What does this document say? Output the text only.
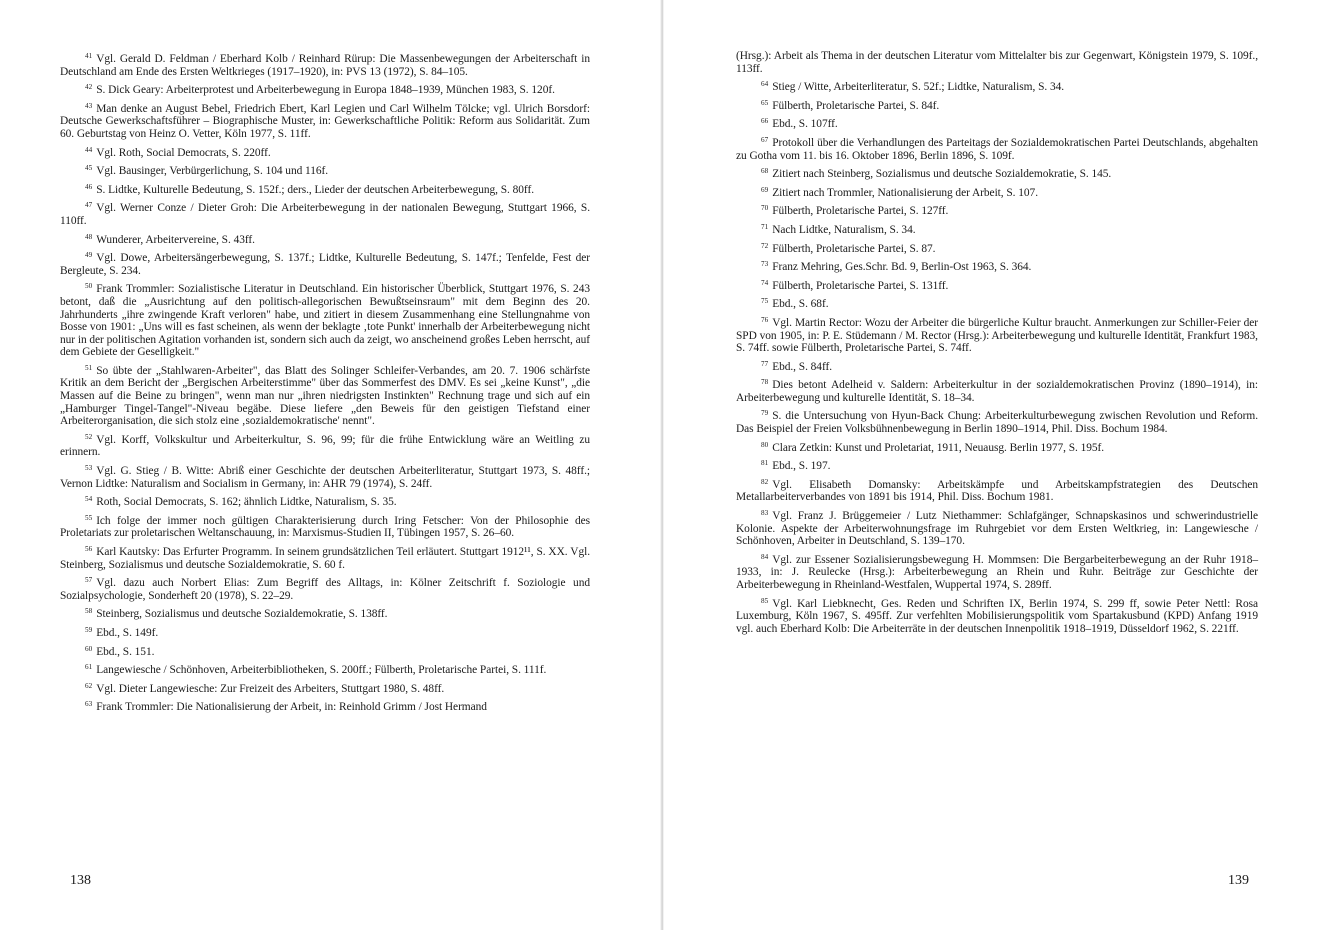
$^{41}$ Vgl. Gerald D. Feldman / Eberhard Kolb / Reinhard Rürup: Die Massenbewegungen der Arbeiterschaft in Deutschland am Ende des Ersten Weltkrieges (1917–1920), in: PVS 13 (1972), S. 84–105.
$^{42}$ S. Dick Geary: Arbeiterprotest und Arbeiterbewegung in Europa 1848–1939, München 1983, S. 120f.
$^{43}$ Man denke an August Bebel, Friedrich Ebert, Karl Legien und Carl Wilhelm Tölcke; vgl. Ulrich Borsdorf: Deutsche Gewerkschaftsführer – Biographische Muster, in: Gewerkschaftliche Politik: Reform aus Solidarität. Zum 60. Geburtstag von Heinz O. Vetter, Köln 1977, S. 11ff.
$^{44}$ Vgl. Roth, Social Democrats, S. 220ff.
$^{45}$ Vgl. Bausinger, Verbürgerlichung, S. 104 und 116f.
$^{46}$ S. Lidtke, Kulturelle Bedeutung, S. 152f.; ders., Lieder der deutschen Arbeiterbewegung, S. 80ff.
$^{47}$ Vgl. Werner Conze / Dieter Groh: Die Arbeiterbewegung in der nationalen Bewegung, Stuttgart 1966, S. 110ff.
$^{48}$ Wunderer, Arbeitervereine, S. 43ff.
$^{49}$ Vgl. Dowe, Arbeitersängerbewegung, S. 137f.; Lidtke, Kulturelle Bedeutung, S. 147f.; Tenfelde, Fest der Bergleute, S. 234.
$^{50}$ Frank Trommler: Sozialistische Literatur in Deutschland. Ein historischer Überblick, Stuttgart 1976, S. 243 betont, daß die „Ausrichtung auf den politisch-allegorischen Bewußtseinsraum" mit dem Beginn des 20. Jahrhunderts „ihre zwingende Kraft verloren" habe, und zitiert in diesem Zusammenhang eine Stellungnahme von Bosse von 1901: „Uns will es fast scheinen, als wenn der beklagte ‚tote Punkt' innerhalb der Arbeiterbewegung nicht nur in der politischen Agitation vorhanden ist, sondern sich auch da zeigt, wo anscheinend großes Leben herrscht, auf dem Gebiete der Geselligkeit."
$^{51}$ So übte der „Stahlwaren-Arbeiter", das Blatt des Solinger Schleifer-Verbandes, am 20. 7. 1906 schärfste Kritik an dem Bericht der „Bergischen Arbeiterstimme" über das Sommerfest des DMV. Es sei „keine Kunst", „die Massen auf die Beine zu bringen", wenn man nur „ihren niedrigsten Instinkten" Rechnung trage und sich auf ein „Hamburger Tingel-Tangel"-Niveau begäbe. Diese liefere „den Beweis für den geistigen Tiefstand einer Arbeiterorganisation, die sich stolz eine ‚sozialdemokratische' nennt".
$^{52}$ Vgl. Korff, Volkskultur und Arbeiterkultur, S. 96, 99; für die frühe Entwicklung wäre an Weitling zu erinnern.
$^{53}$ Vgl. G. Stieg / B. Witte: Abriß einer Geschichte der deutschen Arbeiterliteratur, Stuttgart 1973, S. 48ff.; Vernon Lidtke: Naturalism and Socialism in Germany, in: AHR 79 (1974), S. 24ff.
$^{54}$ Roth, Social Democrats, S. 162; ähnlich Lidtke, Naturalism, S. 35.
$^{55}$ Ich folge der immer noch gültigen Charakterisierung durch Iring Fetscher: Von der Philosophie des Proletariats zur proletarischen Weltanschauung, in: Marxismus-Studien II, Tübingen 1957, S. 26–60.
$^{56}$ Karl Kautsky: Das Erfurter Programm. In seinem grundsätzlichen Teil erläutert. Stuttgart 1912¹¹, S. XX. Vgl. Steinberg, Sozialismus und deutsche Sozialdemokratie, S. 60 f.
$^{57}$ Vgl. dazu auch Norbert Elias: Zum Begriff des Alltags, in: Kölner Zeitschrift f. Soziologie und Sozialpsychologie, Sonderheft 20 (1978), S. 22–29.
$^{58}$ Steinberg, Sozialismus und deutsche Sozialdemokratie, S. 138ff.
$^{59}$ Ebd., S. 149f.
$^{60}$ Ebd., S. 151.
$^{61}$ Langewiesche / Schönhoven, Arbeiterbibliotheken, S. 200ff.; Fülberth, Proletarische Partei, S. 111f.
$^{62}$ Vgl. Dieter Langewiesche: Zur Freizeit des Arbeiters, Stuttgart 1980, S. 48ff.
$^{63}$ Frank Trommler: Die Nationalisierung der Arbeit, in: Reinhold Grimm / Jost Hermand
138
(Hrsg.): Arbeit als Thema in der deutschen Literatur vom Mittelalter bis zur Gegenwart, Königstein 1979, S. 109f., 113ff.
$^{64}$ Stieg / Witte, Arbeiterliteratur, S. 52f.; Lidtke, Naturalism, S. 34.
$^{65}$ Fülberth, Proletarische Partei, S. 84f.
$^{66}$ Ebd., S. 107ff.
$^{67}$ Protokoll über die Verhandlungen des Parteitags der Sozialdemokratischen Partei Deutschlands, abgehalten zu Gotha vom 11. bis 16. Oktober 1896, Berlin 1896, S. 109f.
$^{68}$ Zitiert nach Steinberg, Sozialismus und deutsche Sozialdemokratie, S. 145.
$^{69}$ Zitiert nach Trommler, Nationalisierung der Arbeit, S. 107.
$^{70}$ Fülberth, Proletarische Partei, S. 127ff.
$^{71}$ Nach Lidtke, Naturalism, S. 34.
$^{72}$ Fülberth, Proletarische Partei, S. 87.
$^{73}$ Franz Mehring, Ges.Schr. Bd. 9, Berlin-Ost 1963, S. 364.
$^{74}$ Fülberth, Proletarische Partei, S. 131ff.
$^{75}$ Ebd., S. 68f.
$^{76}$ Vgl. Martin Rector: Wozu der Arbeiter die bürgerliche Kultur braucht. Anmerkungen zur Schiller-Feier der SPD von 1905, in: P. E. Stüdemann / M. Rector (Hrsg.): Arbeiterbewegung und kulturelle Identität, Frankfurt 1983, S. 74ff. sowie Fülberth, Proletarische Partei, S. 74ff.
$^{77}$ Ebd., S. 84ff.
$^{78}$ Dies betont Adelheid v. Saldern: Arbeiterkultur in der sozialdemokratischen Provinz (1890–1914), in: Arbeiterbewegung und kulturelle Identität, S. 18–34.
$^{79}$ S. die Untersuchung von Hyun-Back Chung: Arbeiterkulturbewegung zwischen Revolution und Reform. Das Beispiel der Freien Volksbühnenbewegung in Berlin 1890–1914, Phil. Diss. Bochum 1984.
$^{80}$ Clara Zetkin: Kunst und Proletariat, 1911, Neuausg. Berlin 1977, S. 195f.
$^{81}$ Ebd., S. 197.
$^{82}$ Vgl. Elisabeth Domansky: Arbeitskämpfe und Arbeitskampfstrategien des Deutschen Metallarbeiterverbandes von 1891 bis 1914, Phil. Diss. Bochum 1981.
$^{83}$ Vgl. Franz J. Brüggemeier / Lutz Niethammer: Schlafgänger, Schnapskasinos und schwerindustrielle Kolonie. Aspekte der Arbeiterwohnungsfrage im Ruhrgebiet vor dem Ersten Weltkrieg, in: Langewiesche / Schönhoven, Arbeiter in Deutschland, S. 139–170.
$^{84}$ Vgl. zur Essener Sozialisierungsbewegung H. Mommsen: Die Bergarbeiterbewegung an der Ruhr 1918–1933, in: J. Reulecke (Hrsg.): Arbeiterbewegung an Rhein und Ruhr. Beiträge zur Geschichte der Arbeiterbewegung in Rheinland-Westfalen, Wuppertal 1974, S. 289ff.
$^{85}$ Vgl. Karl Liebknecht, Ges. Reden und Schriften IX, Berlin 1974, S. 299 ff, sowie Peter Nettl: Rosa Luxemburg, Köln 1967, S. 495ff. Zur verfehlten Mobilisierungspolitik vom Spartakusbund (KPD) Anfang 1919 vgl. auch Eberhard Kolb: Die Arbeiterräte in der deutschen Innenpolitik 1918–1919, Düsseldorf 1962, S. 221ff.
139
